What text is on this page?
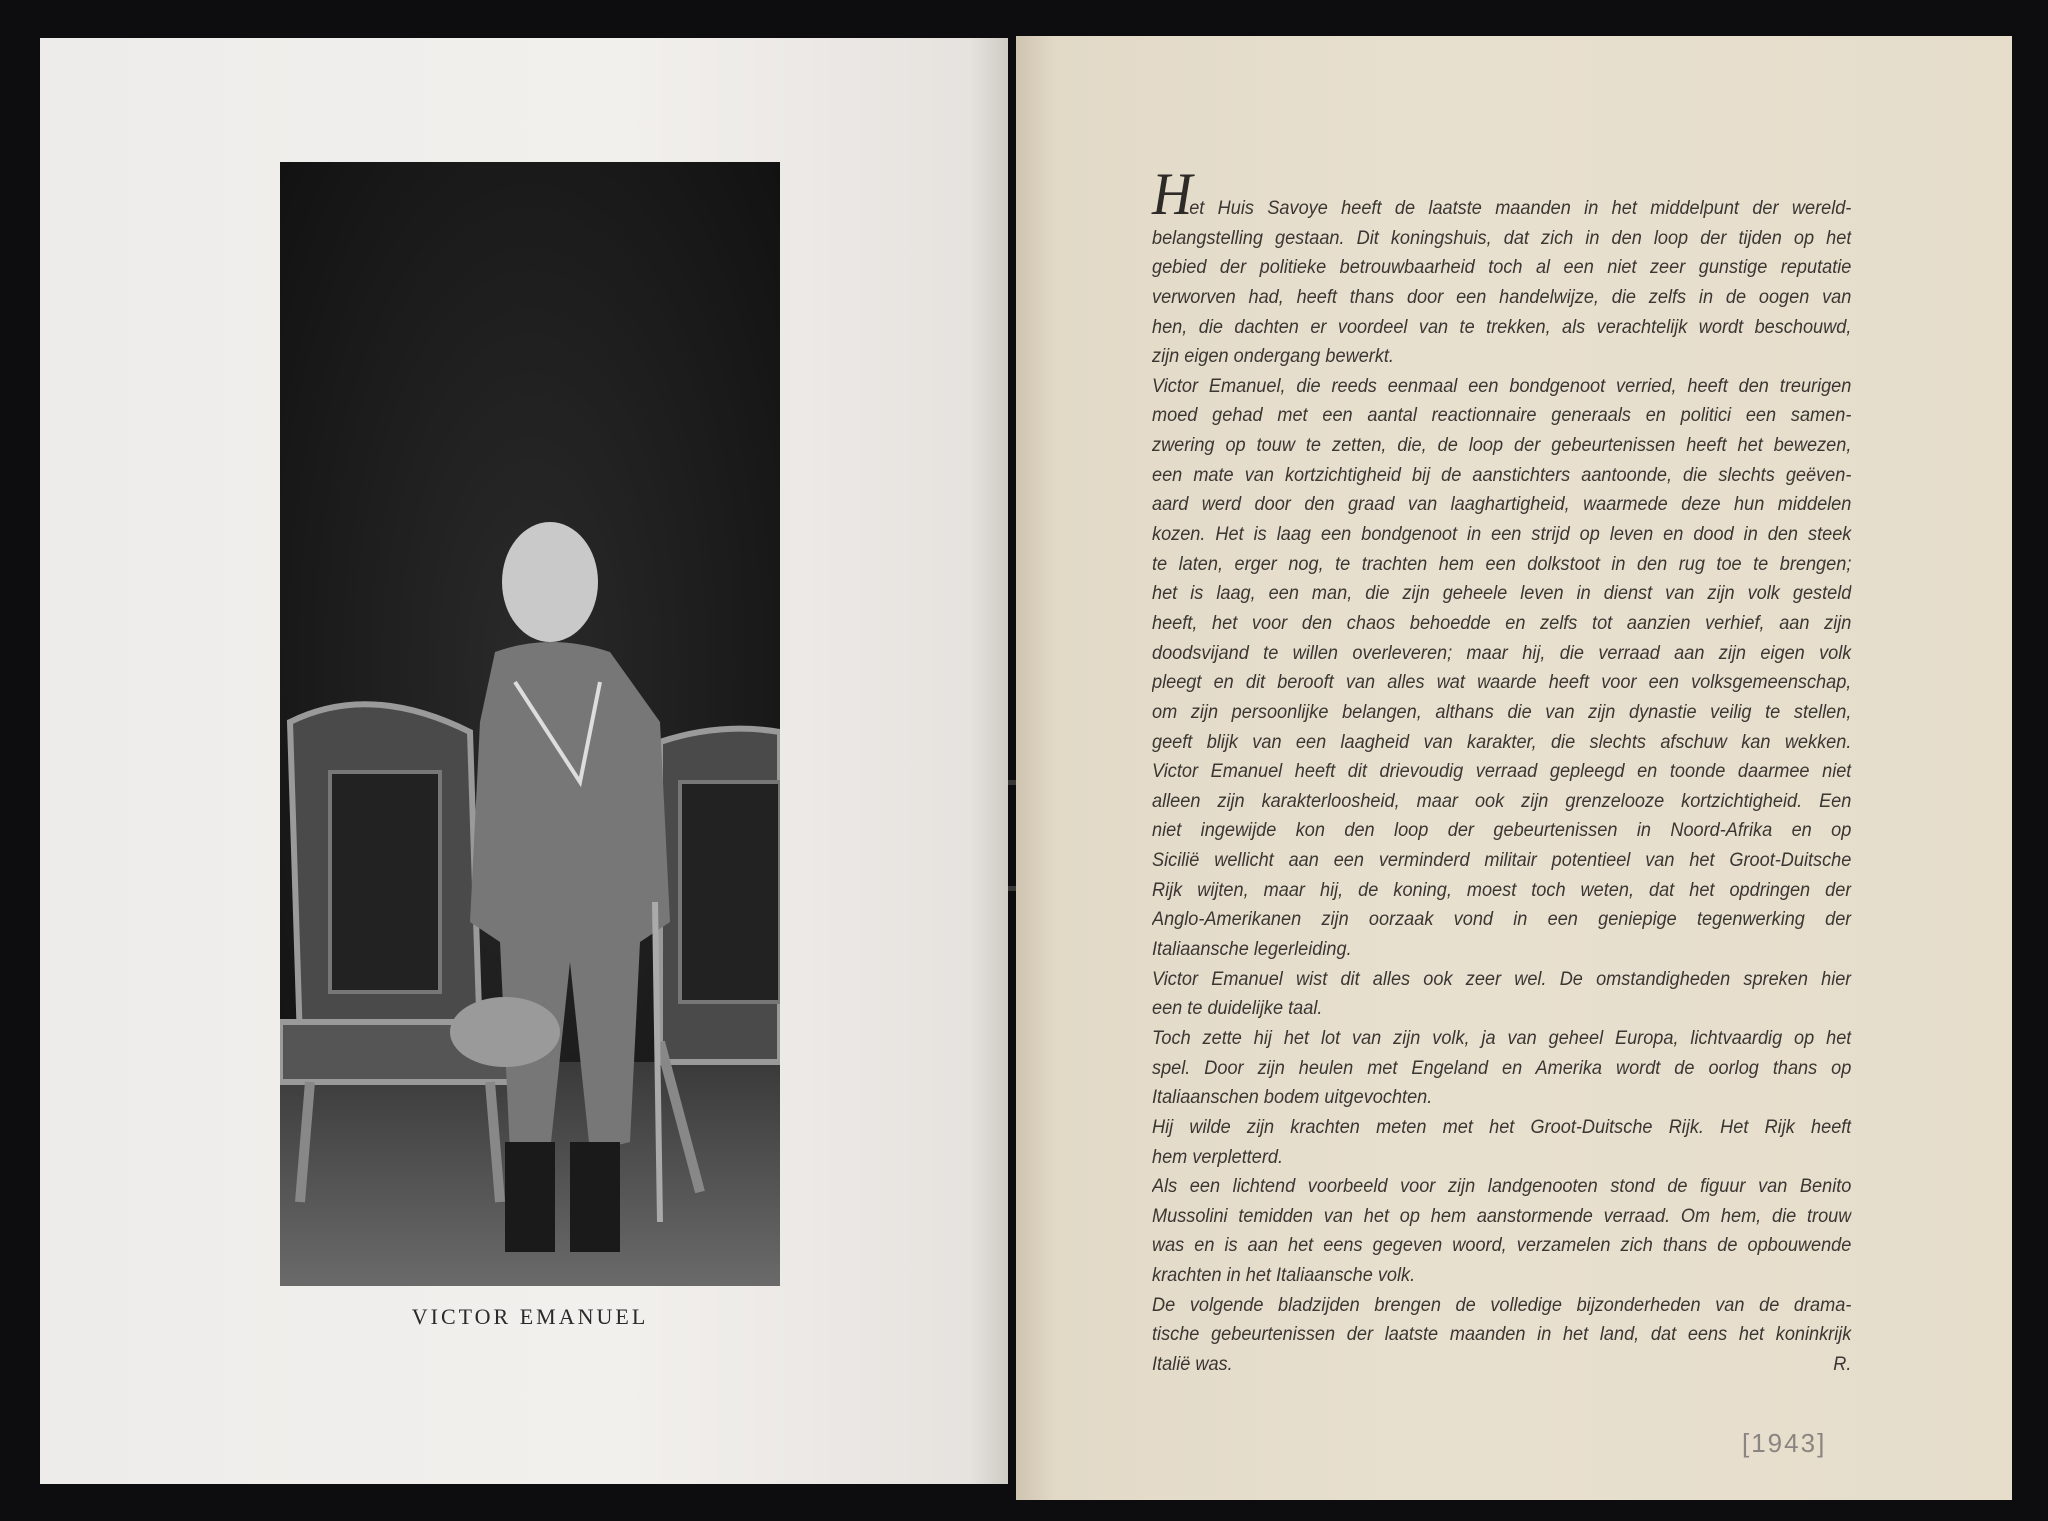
VICTOR EMANUEL
H
et Huis Savoye heeft de laatste maanden in het middelpunt der wereld-
belangstelling gestaan. Dit koningshuis, dat zich in den loop der tijden op het
gebied der politieke betrouwbaarheid toch al een niet zeer gunstige reputatie
verworven had, heeft thans door een handelwijze, die zelfs in de oogen van
hen, die dachten er voordeel van te trekken, als verachtelijk wordt beschouwd,
zijn eigen ondergang bewerkt.
Victor Emanuel, die reeds eenmaal een bondgenoot verried, heeft den treurigen
moed gehad met een aantal reactionnaire generaals en politici een samen-
zwering op touw te zetten, die, de loop der gebeurtenissen heeft het bewezen,
een mate van kortzichtigheid bij de aanstichters aantoonde, die slechts geëven-
aard werd door den graad van laaghartigheid, waarmede deze hun middelen
kozen. Het is laag een bondgenoot in een strijd op leven en dood in den steek
te laten, erger nog, te trachten hem een dolkstoot in den rug toe te brengen;
het is laag, een man, die zijn geheele leven in dienst van zijn volk gesteld
heeft, het voor den chaos behoedde en zelfs tot aanzien verhief, aan zijn
doodsvijand te willen overleveren; maar hij, die verraad aan zijn eigen volk
pleegt en dit berooft van alles wat waarde heeft voor een volksgemeenschap,
om zijn persoonlijke belangen, althans die van zijn dynastie veilig te stellen,
geeft blijk van een laagheid van karakter, die slechts afschuw kan wekken.
Victor Emanuel heeft dit drievoudig verraad gepleegd en toonde daarmee niet
alleen zijn karakterloosheid, maar ook zijn grenzelooze kortzichtigheid. Een
niet ingewijde kon den loop der gebeurtenissen in Noord-Afrika en op
Sicilië wellicht aan een verminderd militair potentieel van het Groot-Duitsche
Rijk wijten, maar hij, de koning, moest toch weten, dat het opdringen der
Anglo-Amerikanen zijn oorzaak vond in een geniepige tegenwerking der
Italiaansche legerleiding.
Victor Emanuel wist dit alles ook zeer wel. De omstandigheden spreken hier
een te duidelijke taal.
Toch zette hij het lot van zijn volk, ja van geheel Europa, lichtvaardig op het
spel. Door zijn heulen met Engeland en Amerika wordt de oorlog thans op
Italiaanschen bodem uitgevochten.
Hij wilde zijn krachten meten met het Groot-Duitsche Rijk. Het Rijk heeft
hem verpletterd.
Als een lichtend voorbeeld voor zijn landgenooten stond de figuur van Benito
Mussolini temidden van het op hem aanstormende verraad. Om hem, die trouw
was en is aan het eens gegeven woord, verzamelen zich thans de opbouwende
krachten in het Italiaansche volk.
De volgende bladzijden brengen de volledige bijzonderheden van de drama-
tische gebeurtenissen der laatste maanden in het land, dat eens het koninkrijk
Italië was.	R.
[1943]
